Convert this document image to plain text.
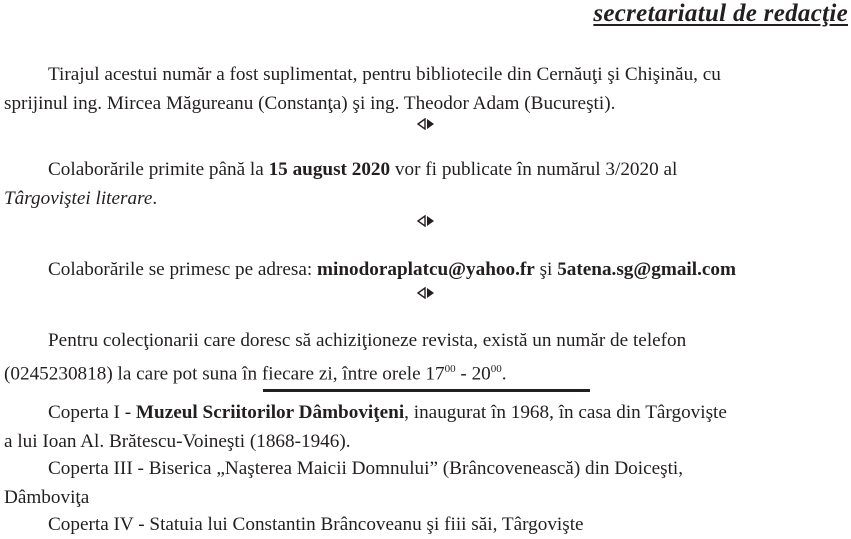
secretariatul de redacţie

Tirajul acestui număr a fost suplimentat, pentru bibliotecile din Cernăuţi şi Chişinău, cu
sprijinul ing. Mircea Măgureanu (Constanţa) şi ing. Theodor Adam (Bucureşti).

Colaborările primite până la 15 august 2020 vor fi publicate în numărul 3/2020 al
Târgoviştei literare.

Colaborările se primesc pe adresa: minodoraplatcu@yahoo.fr şi 5atena.sg@gmail.com

Pentru colecţionarii care doresc să achiziţioneze revista, există un număr de telefon
(0245230818) la care pot suna în fiecare zi, între orele $17^{00} - 20^{00}$.

Coperta I - Muzeul Scriitorilor Dâmboviţeni, inaugurat în 1968, în casa din Târgovişte
a lui Ioan Al. Brătescu-Voineşti (1868-1946).

Coperta III - Biserica „Naşterea Maicii Domnului” (Brâncovenească) din Doiceşti,
Dâmboviţa

Coperta IV - Statuia lui Constantin Brâncoveanu şi fiii săi, Târgovişte
